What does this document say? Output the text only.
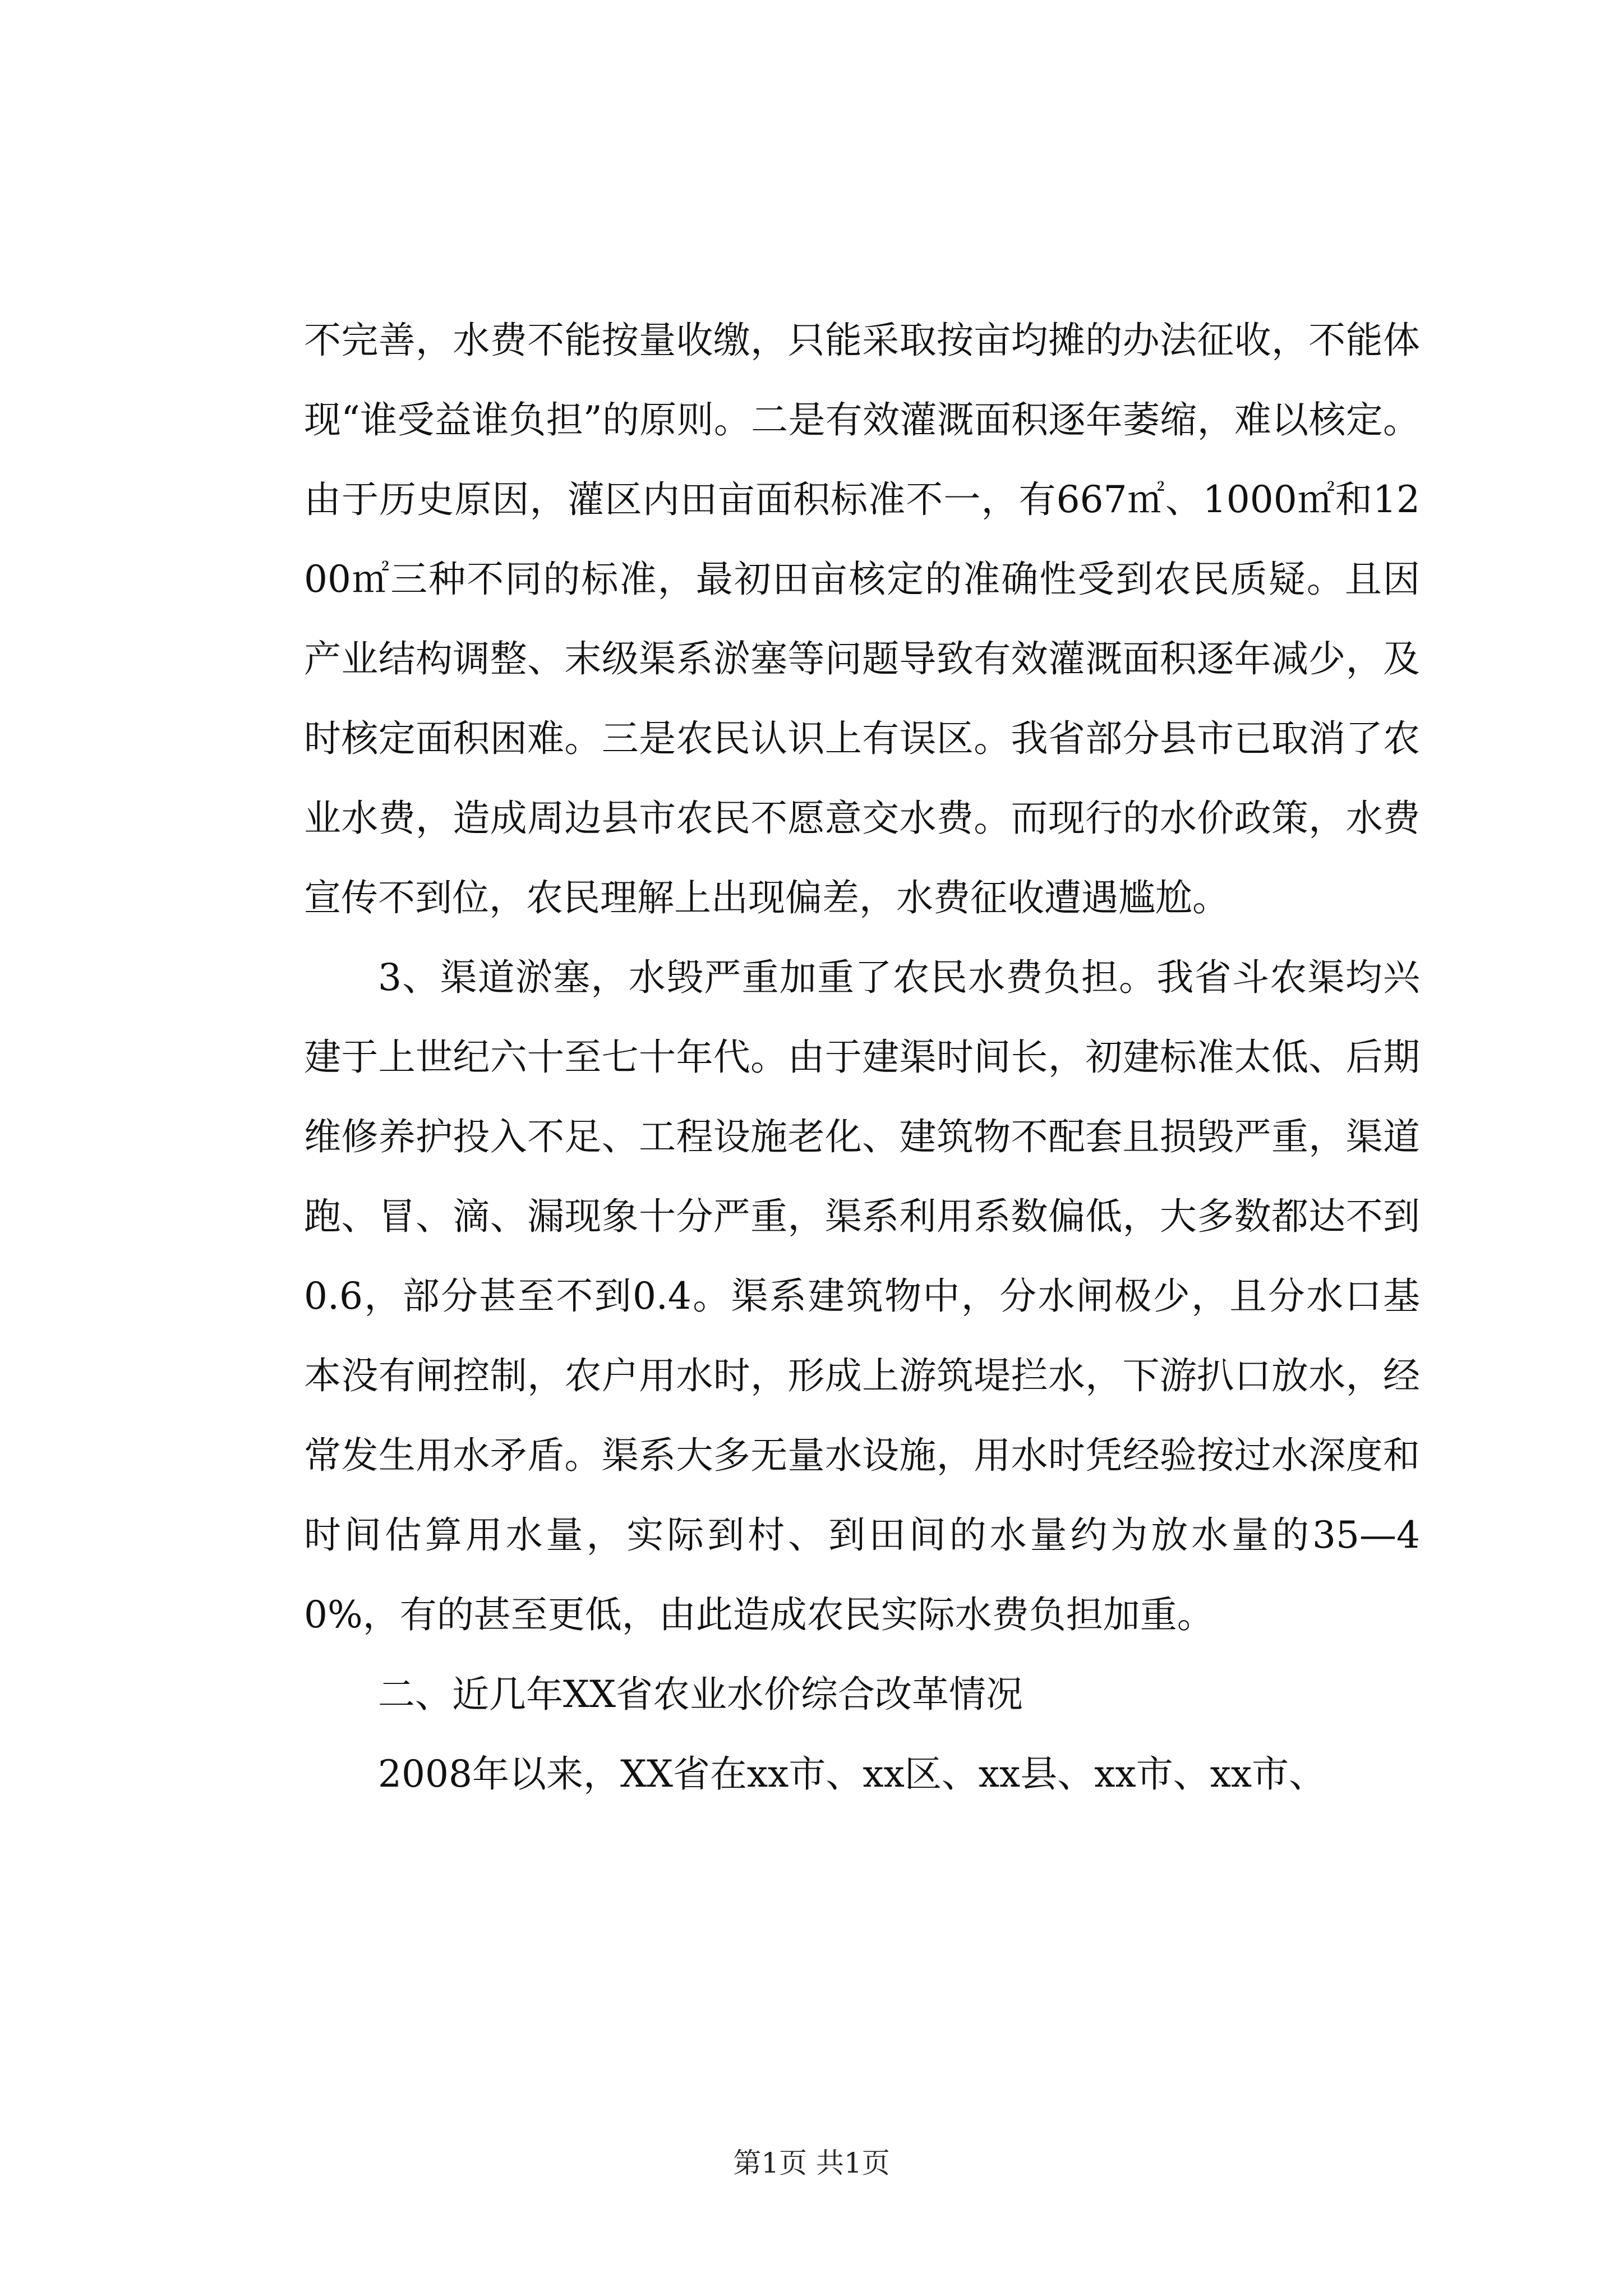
不完善，水费不能按量收缴，只能采取按亩均摊的办法征收，不能体现“谁受益谁负担”的原则。二是有效灌溉面积逐年萎缩，难以核定。由于历史原因，灌区内田亩面积标准不一，有667㎡、1000㎡和1200㎡三种不同的标准，最初田亩核定的准确性受到农民质疑。且因产业结构调整、末级渠系淤塞等问题导致有效灌溉面积逐年减少，及时核定面积困难。三是农民认识上有误区。我省部分县市已取消了农业水费，造成周边县市农民不愿意交水费。而现行的水价政策，水费宣传不到位，农民理解上出现偏差，水费征收遭遇尴尬。

3、渠道淤塞，水毁严重加重了农民水费负担。我省斗农渠均兴建于上世纪六十至七十年代。由于建渠时间长，初建标准太低、后期维修养护投入不足、工程设施老化、建筑物不配套且损毁严重，渠道跑、冒、滴、漏现象十分严重，渠系利用系数偏低，大多数都达不到0.6，部分甚至不到0.4。渠系建筑物中，分水闸极少，且分水口基本没有闸控制，农户用水时，形成上游筑堤拦水，下游扒口放水，经常发生用水矛盾。渠系大多无量水设施，用水时凭经验按过水深度和时间估算用水量，实际到村、到田间的水量约为放水量的35—40%，有的甚至更低，由此造成农民实际水费负担加重。

二、近几年XX省农业水价综合改革情况

2008年以来，XX省在xx市、xx区、xx县、xx市、xx市、

第1页 共1页
